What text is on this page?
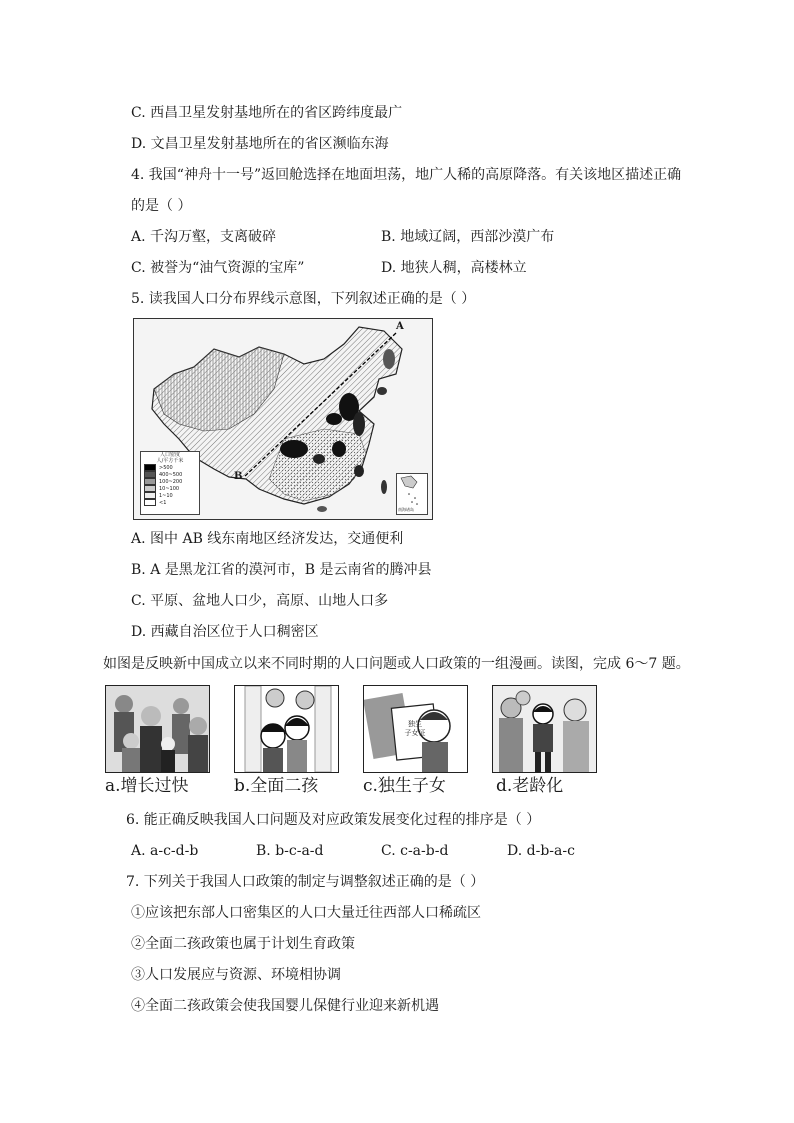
C. 西昌卫星发射基地所在的省区跨纬度最广
D. 文昌卫星发射基地所在的省区濒临东海
4. 我国“神舟十一号”返回舱选择在地面坦荡，地广人稀的高原降落。有关该地区描述正确
的是（ ）
A. 千沟万壑，支离破碎	B. 地域辽阔，西部沙漠广布
C. 被誉为“油气资源的宝库”	D. 地狭人稠，高楼林立
5. 读我国人口分布界线示意图，下列叙述正确的是（ ）
A
B
人口密度
人/平方千米
>500
400~500
100~200
10~100
1~10
<1
南海诸岛
A. 图中 AB 线东南地区经济发达，交通便利
B. A 是黑龙江省的漠河市，B 是云南省的腾冲县
C. 平原、盆地人口少，高原、山地人口多
D. 西藏自治区位于人口稠密区
如图是反映新中国成立以来不同时期的人口问题或人口政策的一组漫画。读图，完成 6～7 题。
独生
子女证
a.增长过快	b.全面二孩	c.独生子女	d.老龄化
6. 能正确反映我国人口问题及对应政策发展变化过程的排序是（ ）
A. a-c-d-b	B. b-c-a-d	C. c-a-b-d	D. d-b-a-c
7. 下列关于我国人口政策的制定与调整叙述正确的是（ ）
①应该把东部人口密集区的人口大量迁往西部人口稀疏区
②全面二孩政策也属于计划生育政策
③人口发展应与资源、环境相协调
④全面二孩政策会使我国婴儿保健行业迎来新机遇
